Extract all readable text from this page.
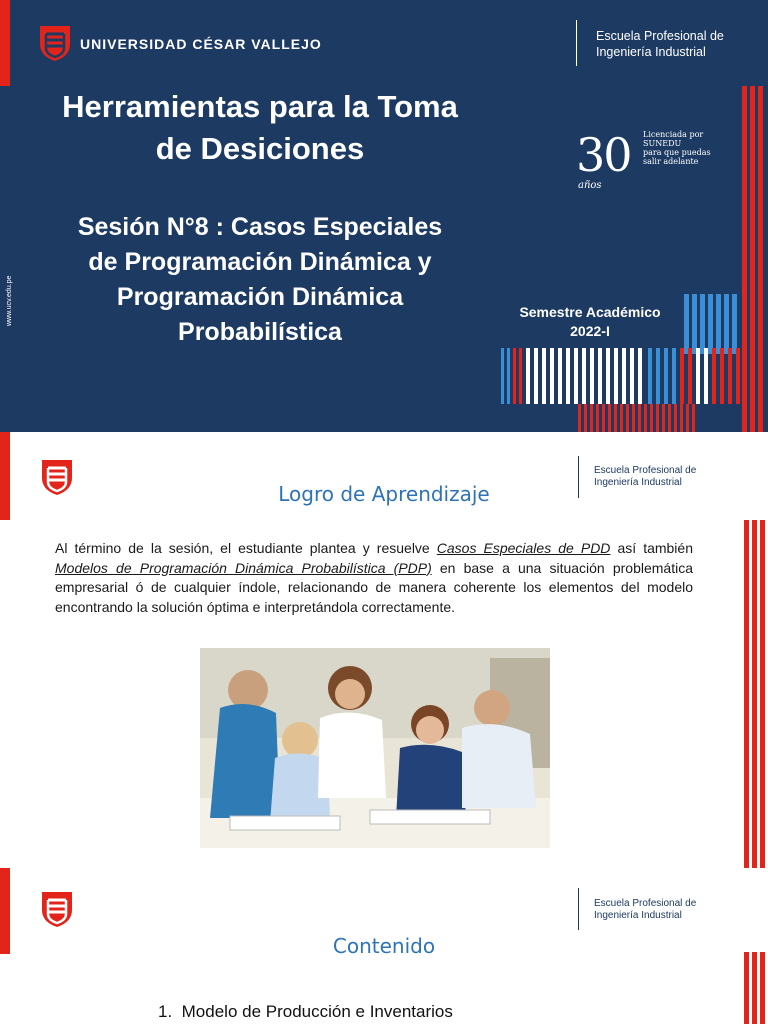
UNIVERSIDAD CÉSAR VALLEJO	Escuela Profesional de
Ingeniería Industrial
Herramientas para la Toma
de Desiciones
Sesión N°8 : Casos Especiales
de Programación Dinámica y
Programación Dinámica
Probabilística
www.ucv.edu.pe
30
años
Licenciada por
SUNEDU
para que puedas
salir adelante
Semestre Académico
2022-I
Escuela Profesional de
Ingeniería Industrial
Logro de Aprendizaje
Al término de la sesión, el estudiante plantea y resuelve Casos Especiales de PDD así también Modelos de Programación Dinámica Probabilística (PDP) en base a una situación problemática empresarial ó de cualquier índole, relacionando de manera coherente los elementos del modelo encontrando la solución óptima e interpretándola correctamente.
Escuela Profesional de
Ingeniería Industrial
Contenido
1. Modelo de Producción e Inventarios
